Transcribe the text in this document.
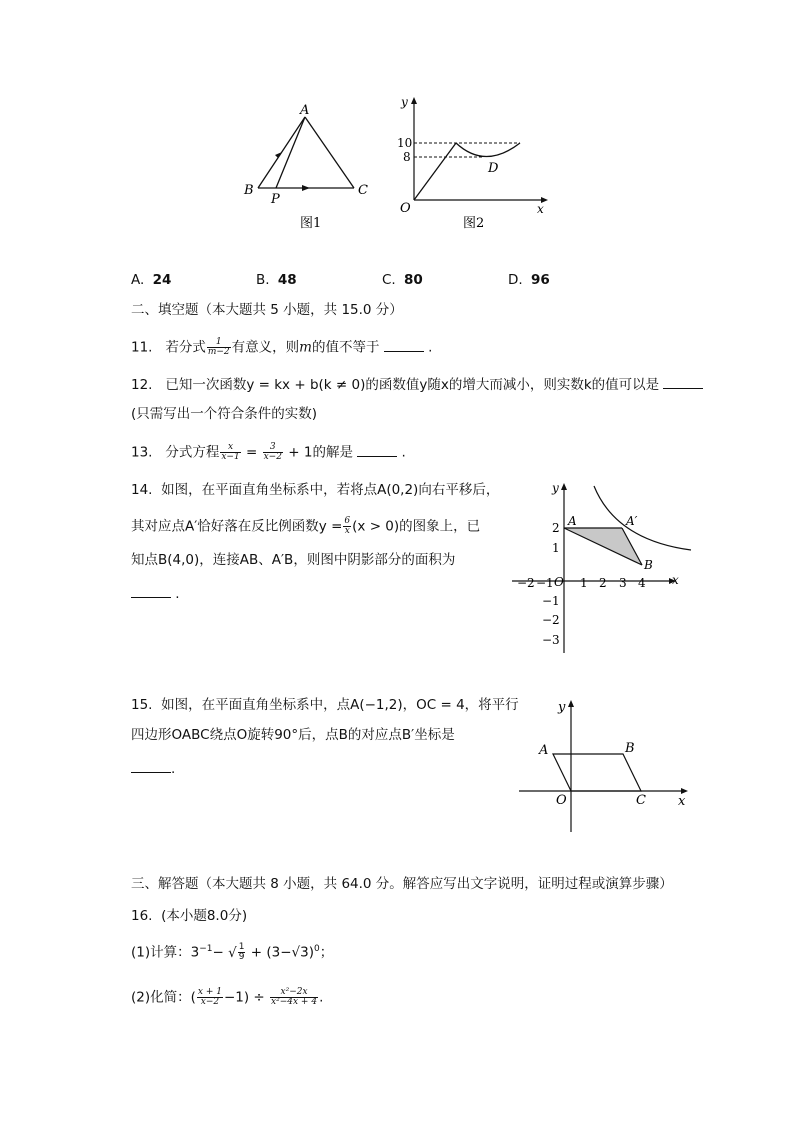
A
B	C
P
图1
y
10
8
D
O	x
图2
A. 24	B. 48	C. 80	D. 96
二、填空题（本大题共 5 小题，共 15.0 分）
11. 若分式 $\frac{1}{m-2}$ 有意义，则m的值不等于	.
12. 已知一次函数y = kx + b(k ≠ 0)的函数值y随x的增大而减小，则实数k的值可以是
(只需写出一个符合条件的实数)
13. 分式方程 $\frac{x}{x-1} = \frac{3}{x-2} + 1$的解是	.
14. 如图，在平面直角坐标系中，若将点A(0,2)向右平移后，
其对应点A′恰好落在反比例函数$y = \frac{6}{x} (x > 0)$的图象上，已
知点B(4,0)，连接AB、A′B，则图中阴影部分的面积为
.
y
x
O
A	A′
B
−2 −1 1 2 3 4
2
1
−1
−2
−3
15. 如图，在平面直角坐标系中，点A(−1,2)，OC = 4，将平行
四边形OABC绕点O旋转90°后，点B的对应点B′坐标是
.
y
x
O
A	B
C
三、解答题（本大题共 8 小题，共 64.0 分。解答应写出文字说明，证明过程或演算步骤）
16. (本小题8.0分)
(1)计算：$3^{-1}-$ √ $\frac{1}{9} + (3-√3)^0$；
(2)化简：( $\frac{x + 1}{x-2} -1) \div \frac{\text{x²−2x}}{\text{x²−4x + 4}}$ .
